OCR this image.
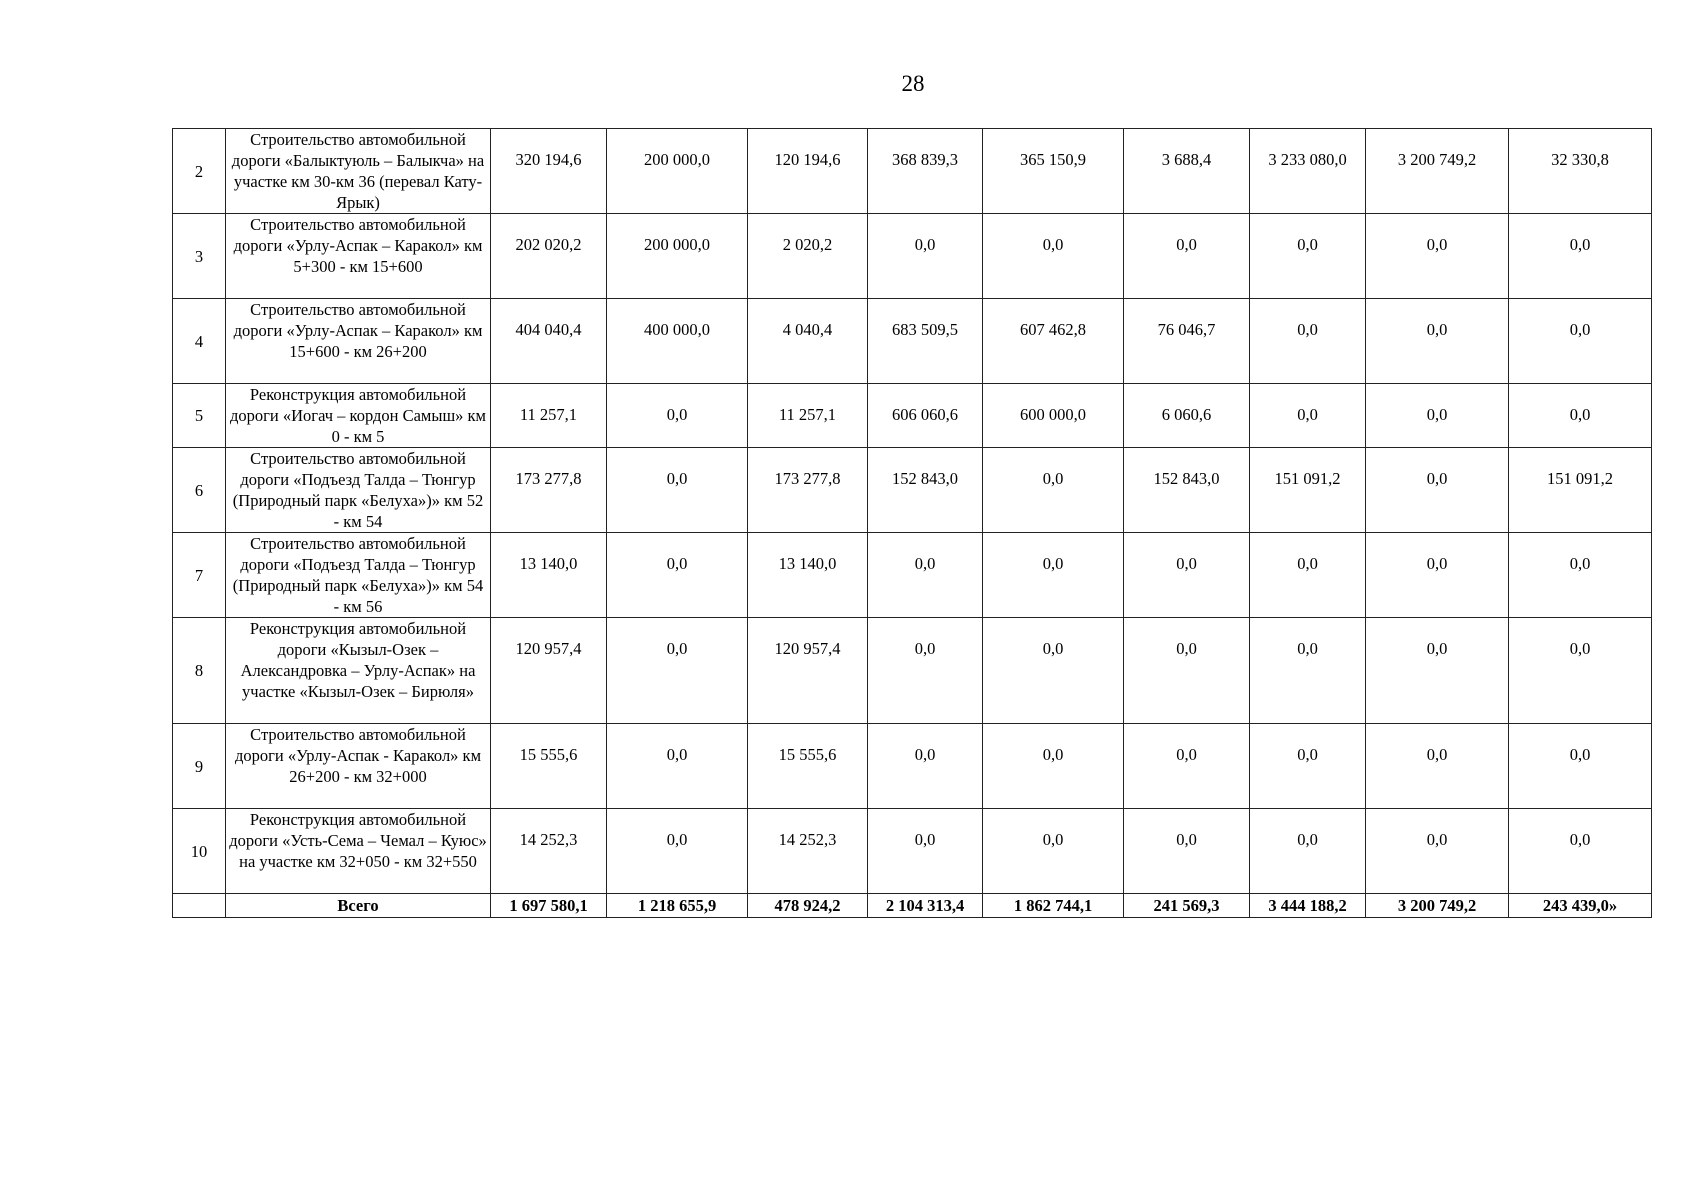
28
2	Строительство автомобильной дороги «Балыктуюль – Балыкча» на участке км 30-км 36 (перевал Кату-Ярык)	320 194,6	200 000,0	120 194,6	368 839,3	365 150,9	3 688,4	3 233 080,0	3 200 749,2	32 330,8
3	Строительство автомобильной дороги «Урлу-Аспак – Каракол» км 5+300 - км 15+600	202 020,2	200 000,0	2 020,2	0,0	0,0	0,0	0,0	0,0	0,0
4	Строительство автомобильной дороги «Урлу-Аспак – Каракол» км 15+600 - км 26+200	404 040,4	400 000,0	4 040,4	683 509,5	607 462,8	76 046,7	0,0	0,0	0,0
5	Реконструкция автомобильной дороги «Иогач – кордон Самыш» км 0 - км 5	11 257,1	0,0	11 257,1	606 060,6	600 000,0	6 060,6	0,0	0,0	0,0
6	Строительство автомобильной дороги «Подъезд Талда – Тюнгур (Природный парк «Белуха»)» км 52 - км 54	173 277,8	0,0	173 277,8	152 843,0	0,0	152 843,0	151 091,2	0,0	151 091,2
7	Строительство автомобильной дороги «Подъезд Талда – Тюнгур (Природный парк «Белуха»)» км 54 - км 56	13 140,0	0,0	13 140,0	0,0	0,0	0,0	0,0	0,0	0,0
8	Реконструкция автомобильной дороги «Кызыл-Озек – Александровка – Урлу-Аспак» на участке «Кызыл-Озек – Бирюля»	120 957,4	0,0	120 957,4	0,0	0,0	0,0	0,0	0,0	0,0
9	Строительство автомобильной дороги «Урлу-Аспак - Каракол» км 26+200 - км 32+000	15 555,6	0,0	15 555,6	0,0	0,0	0,0	0,0	0,0	0,0
10	Реконструкция автомобильной дороги «Усть-Сема – Чемал – Куюс» на участке км 32+050 - км 32+550	14 252,3	0,0	14 252,3	0,0	0,0	0,0	0,0	0,0	0,0
	Всего	1 697 580,1	1 218 655,9	478 924,2	2 104 313,4	1 862 744,1	241 569,3	3 444 188,2	3 200 749,2	243 439,0»
